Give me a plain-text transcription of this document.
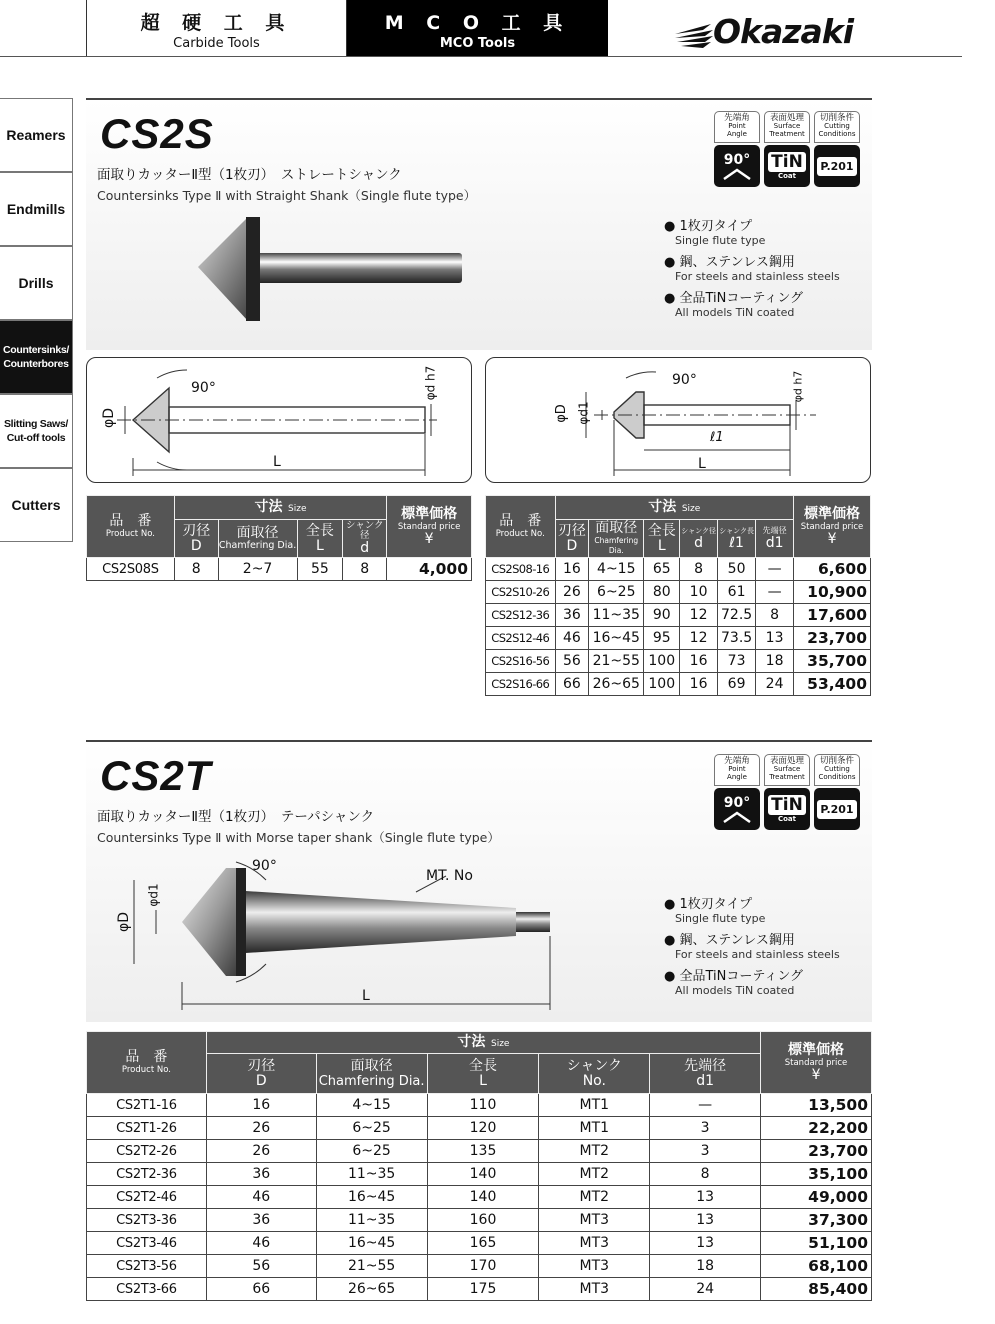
超 硬 工 具
Carbide Tools
M C O 工 具
MCO Tools	Okazaki
Reamers
Endmills
Drills
Countersinks/
Counterbores
Slitting Saws/
Cut-off tools
Cutters
CS2S
面取りカッターⅡ型（1枚刃）　ストレートシャンク
Countersinks Type Ⅱ with Straight Shank（Single flute type）
先端角
Point
Angle
90°
表面処理
Surface
Treatment
TiN
Coat
切削条件
Cutting
Conditions
P.201
● 1枚刃タイプ
Single flute type
● 鋼、ステンレス鋼用
For steels and stainless steels
● 全品TiNコーティング
All models TiN coated
90°
φD
φd h7
L
90°
φD φd1
φd h7
ℓ1
L
品　番
Product No.	寸法 Size				標準価格
Standard price
¥

	刃径
D	面取径
Chamfering Dia.	全長
L	シャンク径
d	

CS2S08S	8	2~7	55	8	4,000
品　番
Product No.	寸法 Size						標準価格
Standard price
¥

	刃径
D	面取径
Chamfering Dia.	全長
L	シャンク径
d	シャンク長
ℓ1	先端径
d1	

CS2S08-16	16	4~15	65	8	50	—	6,600
CS2S10-26	26	6~25	80	10	61	—	10,900
CS2S12-36	36	11~35	90	12	72.5	8	17,600
CS2S12-46	46	16~45	95	12	73.5	13	23,700
CS2S16-56	56	21~55	100	16	73	18	35,700
CS2S16-66	66	26~65	100	16	69	24	53,400
CS2T
面取りカッターⅡ型（1枚刃）　テーパシャンク
Countersinks Type Ⅱ with Morse taper shank（Single flute type）
先端角
Point
Angle
90°
表面処理
Surface
Treatment
TiN
Coat
切削条件
Cutting
Conditions
P.201
90°
MT. No
φD
φd1
L
● 1枚刃タイプ
Single flute type
● 鋼、ステンレス鋼用
For steels and stainless steels
● 全品TiNコーティング
All models TiN coated
品　番
Product No.	寸法 Size					標準価格
Standard price
¥

	刃径
D	面取径
Chamfering Dia.	全長
L	シャンク
No.	先端径
d1	

CS2T1-16	16	4~15	110	MT1	—	13,500
CS2T1-26	26	6~25	120	MT1	3	22,200
CS2T2-26	26	6~25	135	MT2	3	23,700
CS2T2-36	36	11~35	140	MT2	8	35,100
CS2T2-46	46	16~45	140	MT2	13	49,000
CS2T3-36	36	11~35	160	MT3	13	37,300
CS2T3-46	46	16~45	165	MT3	13	51,100
CS2T3-56	56	21~55	170	MT3	18	68,100
CS2T3-66	66	26~65	175	MT3	24	85,400
